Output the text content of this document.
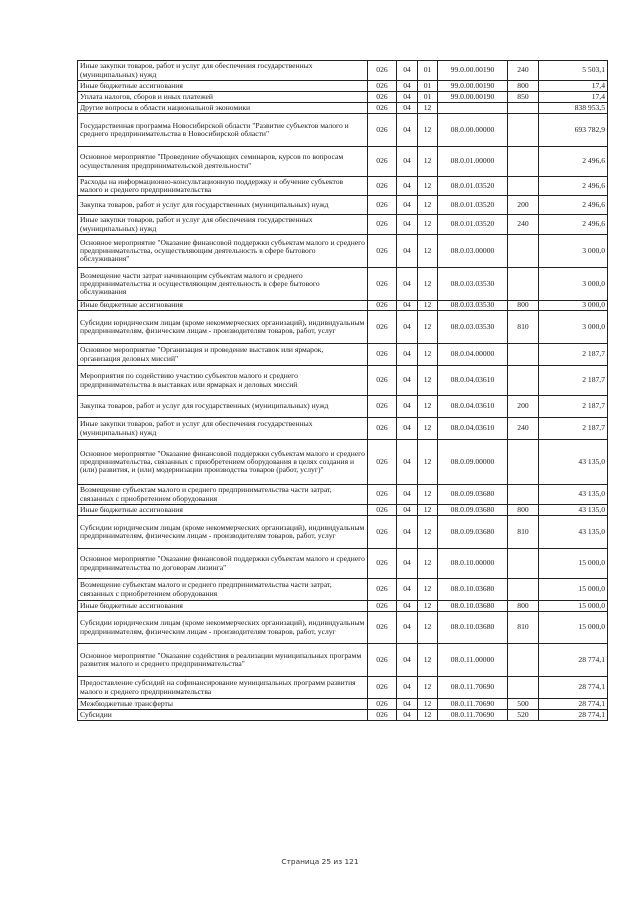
Иные закупки товаров, работ и услуг для обеспечения государственных (муниципальных) нужд	026	04	01	99.0.00.00190	240	5 503,1
Иные бюджетные ассигнования	026	04	01	99.0.00.00190	800	17,4
Уплата налогов, сборов и иных платежей	026	04	01	99.0.00.00190	850	17,4
Другие вопросы в области национальной экономики	026	04	12			838 953,5
Государственная программа Новосибирской области "Развитие субъектов малого и среднего предпринимательства в Новосибирской области"	026	04	12	08.0.00.00000		693 782,9
Основное мероприятие "Проведение обучающих семинаров, курсов по вопросам осуществления предпринимательской деятельности"	026	04	12	08.0.01.00000		2 496,6
Расходы на информационно-консультационную поддержку и обучение субъектов малого и среднего предпринимательства	026	04	12	08.0.01.03520		2 496,6
Закупка товаров, работ и услуг для государственных (муниципальных) нужд	026	04	12	08.0.01.03520	200	2 496,6
Иные закупки товаров, работ и услуг для обеспечения государственных (муниципальных) нужд	026	04	12	08.0.01.03520	240	2 496,6
Основное мероприятие "Оказание финансовой поддержки субъектам малого и среднего предпринимательства, осуществляющим деятельность в сфере бытового обслуживания"	026	04	12	08.0.03.00000		3 000,0
Возмещение части затрат начинающим субъектам малого и среднего предпринимательства и осуществляющим деятельность в сфере бытового обслуживания	026	04	12	08.0.03.03530		3 000,0
Иные бюджетные ассигнования	026	04	12	08.0.03.03530	800	3 000,0
Субсидии юридическим лицам (кроме некоммерческих организаций), индивидуальным предпринимателям, физическим лицам - производителям товаров, работ, услуг	026	04	12	08.0.03.03530	810	3 000,0
Основное мероприятие "Организация и проведение выставок или ярмарок, организация деловых миссий"	026	04	12	08.0.04.00000		2 187,7
Мероприятия по содействию участию субъектов малого и среднего предпринимательства в выставках или ярмарках и деловых миссий	026	04	12	08.0.04.03610		2 187,7
Закупка товаров, работ и услуг для государственных (муниципальных) нужд	026	04	12	08.0.04.03610	200	2 187,7
Иные закупки товаров, работ и услуг для обеспечения государственных (муниципальных) нужд	026	04	12	08.0.04.03610	240	2 187,7
Основное мероприятие "Оказание финансовой поддержки субъектам малого и среднего предпринимательства, связанных с приобретением оборудования в целях создания и (или) развития, и (или) модернизации производства товаров (работ, услуг)"	026	04	12	08.0.09.00000		43 135,0
Возмещение субъектам малого и среднего предпринимательства части затрат, связанных с приобретением оборудования	026	04	12	08.0.09.03680		43 135,0
Иные бюджетные ассигнования	026	04	12	08.0.09.03680	800	43 135,0
Субсидии юридическим лицам (кроме некоммерческих организаций), индивидуальным предпринимателям, физическим лицам - производителям товаров, работ, услуг	026	04	12	08.0.09.03680	810	43 135,0
Основное мероприятие "Оказание финансовой поддержки субъектам малого и среднего предпринимательства по договорам лизинга"	026	04	12	08.0.10.00000		15 000,0
Возмещение субъектам малого и среднего предпринимательства части затрат, связанных с приобретением оборудования	026	04	12	08.0.10.03680		15 000,0
Иные бюджетные ассигнования	026	04	12	08.0.10.03680	800	15 000,0
Субсидии юридическим лицам (кроме некоммерческих организаций), индивидуальным предпринимателям, физическим лицам - производителям товаров, работ, услуг	026	04	12	08.0.10.03680	810	15 000,0
Основное мероприятие "Оказание содействия в реализации муниципальных программ развития малого и среднего предпринимательства"	026	04	12	08.0.11.00000		28 774,1
Предоставление субсидий на софинансирование муниципальных программ развития малого и среднего предпринимательства	026	04	12	08.0.11.70690		28 774,1
Межбюджетные трансферты	026	04	12	08.0.11.70690	500	28 774,1
Субсидии	026	04	12	08.0.11.70690	520	28 774,1
Страница 25 из 121
